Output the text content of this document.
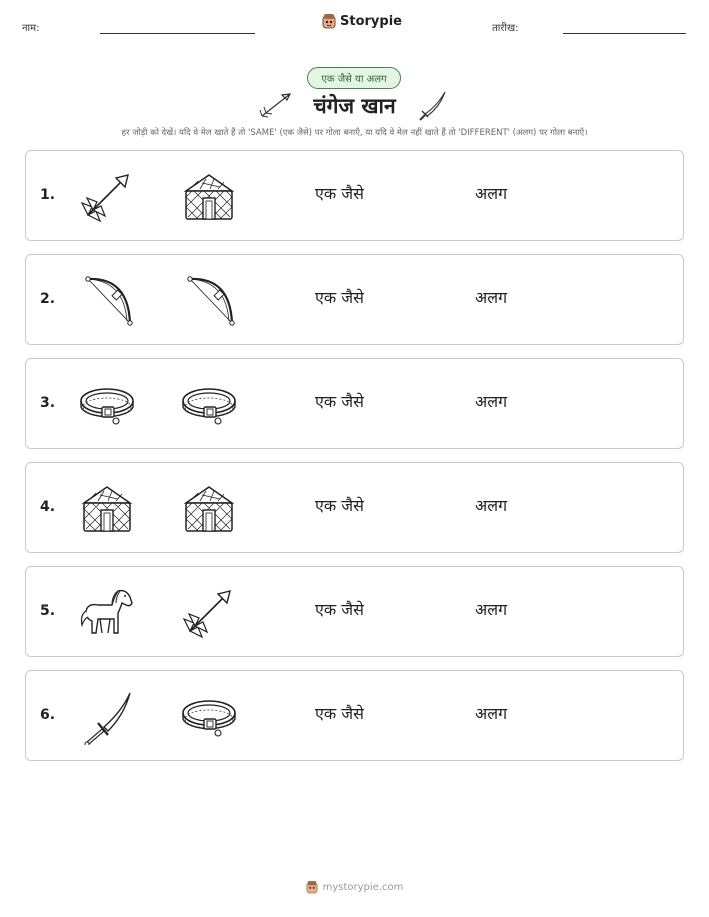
नाम:	Storypie	तारीख:
एक जैसे या अलग
चंगेज खान
हर जोड़ी को देखें। यदि वे मेल खाते हैं तो 'SAME' (एक जैसे) पर गोला बनाएँ, या यदि वे मेल नहीं खाते हैं तो 'DIFFERENT' (अलग) पर गोला बनाएँ।
1.	एक जैसे	अलग
2.	एक जैसे	अलग
3.	एक जैसे	अलग
4.	एक जैसे	अलग
5.	एक जैसे	अलग
6.	एक जैसे	अलग
mystorypie.com
